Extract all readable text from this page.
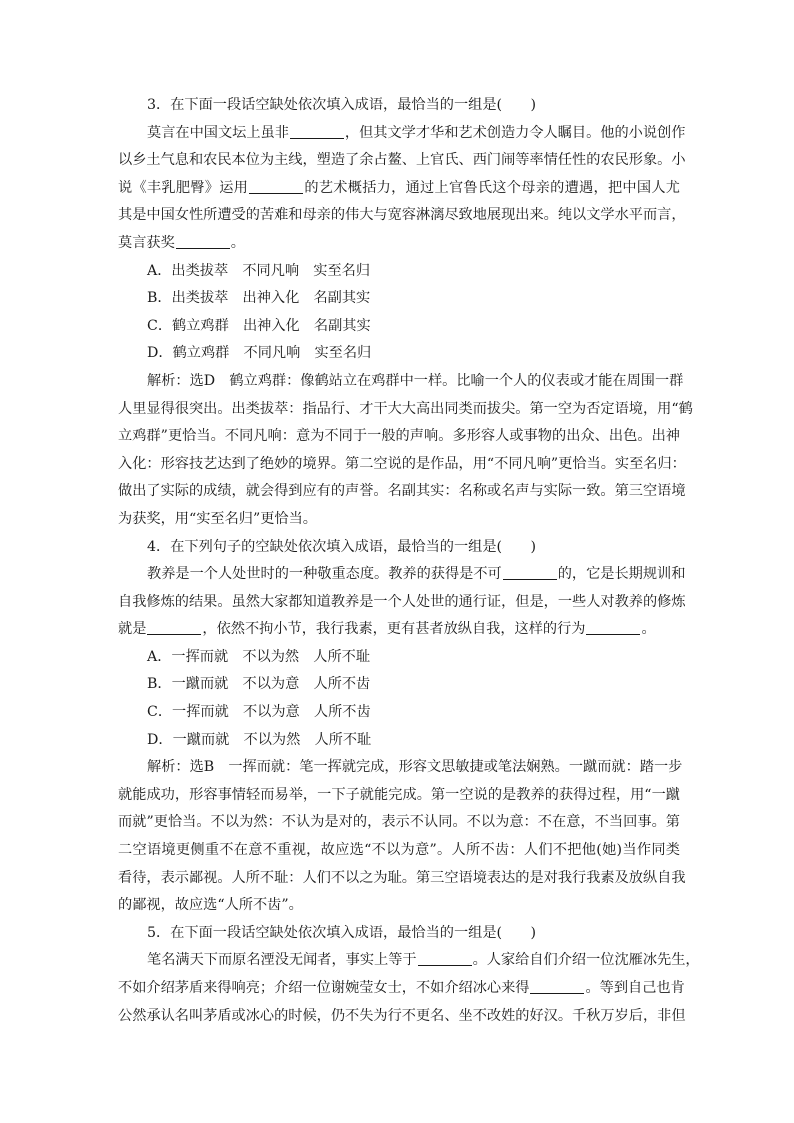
3．在下面一段话空缺处依次填入成语，最恰当的一组是(　　)
莫言在中国文坛上虽非	，但其文学才华和艺术创造力令人瞩目。他的小说创作
以乡土气息和农民本位为主线，塑造了余占鳌、上官氏、西门闹等率情任性的农民形象。小
说《丰乳肥臀》运用	的艺术概括力，通过上官鲁氏这个母亲的遭遇，把中国人尤
其是中国女性所遭受的苦难和母亲的伟大与宽容淋漓尽致地展现出来。纯以文学水平而言，
莫言获奖	。
A．出类拔萃　不同凡响　实至名归
B．出类拔萃　出神入化　名副其实
C．鹤立鸡群　出神入化　名副其实
D．鹤立鸡群　不同凡响　实至名归
解析：选D　鹤立鸡群：像鹤站立在鸡群中一样。比喻一个人的仪表或才能在周围一群
人里显得很突出。出类拔萃：指品行、才干大大高出同类而拔尖。第一空为否定语境，用“鹤
立鸡群”更恰当。不同凡响：意为不同于一般的声响。多形容人或事物的出众、出色。出神
入化：形容技艺达到了绝妙的境界。第二空说的是作品，用“不同凡响”更恰当。实至名归：
做出了实际的成绩，就会得到应有的声誉。名副其实：名称或名声与实际一致。第三空语境
为获奖，用“实至名归”更恰当。
4．在下列句子的空缺处依次填入成语，最恰当的一组是(　　)
教养是一个人处世时的一种敬重态度。教养的获得是不可	的，它是长期规训和
自我修炼的结果。虽然大家都知道教养是一个人处世的通行证，但是，一些人对教养的修炼
就是	，依然不拘小节，我行我素，更有甚者放纵自我，这样的行为	。
A．一挥而就　不以为然　人所不耻
B．一蹴而就　不以为意　人所不齿
C．一挥而就　不以为意　人所不齿
D．一蹴而就　不以为然　人所不耻
解析：选B　一挥而就：笔一挥就完成，形容文思敏捷或笔法娴熟。一蹴而就：踏一步
就能成功，形容事情轻而易举，一下子就能完成。第一空说的是教养的获得过程，用“一蹴
而就”更恰当。不以为然：不认为是对的，表示不认同。不以为意：不在意，不当回事。第
二空语境更侧重不在意不重视，故应选“不以为意”。人所不齿：人们不把他(她)当作同类
看待，表示鄙视。人所不耻：人们不以之为耻。第三空语境表达的是对我行我素及放纵自我
的鄙视，故应选“人所不齿”。
5．在下面一段话空缺处依次填入成语，最恰当的一组是(　　)
笔名满天下而原名湮没无闻者，事实上等于	。人家给自们介绍一位沈雁冰先生，
不如介绍茅盾来得响亮；介绍一位谢婉莹女士，不如介绍冰心来得	。等到自己也肯
公然承认名叫茅盾或冰心的时候，仍不失为行不更名、坐不改姓的好汉。千秋万岁后，非但
